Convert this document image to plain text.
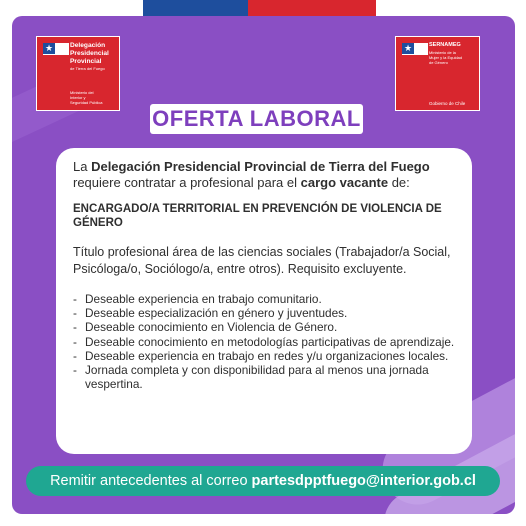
★	Delegación
Presidencial
Provincial
de Tierra del Fuego
Ministerio del
Interior y
Seguridad Pública
★	SERNAMEG
Ministerio de la
Mujer y la Equidad
de Género
Gobierno de Chile
OFERTA LABORAL

La Delegación Presidencial Provincial de Tierra del Fuego requiere contratar a profesional para el cargo vacante de:

ENCARGADO/A TERRITORIAL EN PREVENCIÓN DE VIOLENCIA DE GÉNERO

Título profesional área de las ciencias sociales (Trabajador/a Social, Psicóloga/o, Sociólogo/a, entre otros). Requisito excluyente.

- Deseable experiencia en trabajo comunitario.
- Deseable especialización en género y juventudes.
- Deseable conocimiento en Violencia de Género.
- Deseable conocimiento en metodologías participativas de aprendizaje.
- Deseable experiencia en trabajo en redes y/u organizaciones locales.
- Jornada completa y con disponibilidad para al menos una jornada vespertina.
Remitir antecedentes al correo partesdpptfuego@interior.gob.cl
